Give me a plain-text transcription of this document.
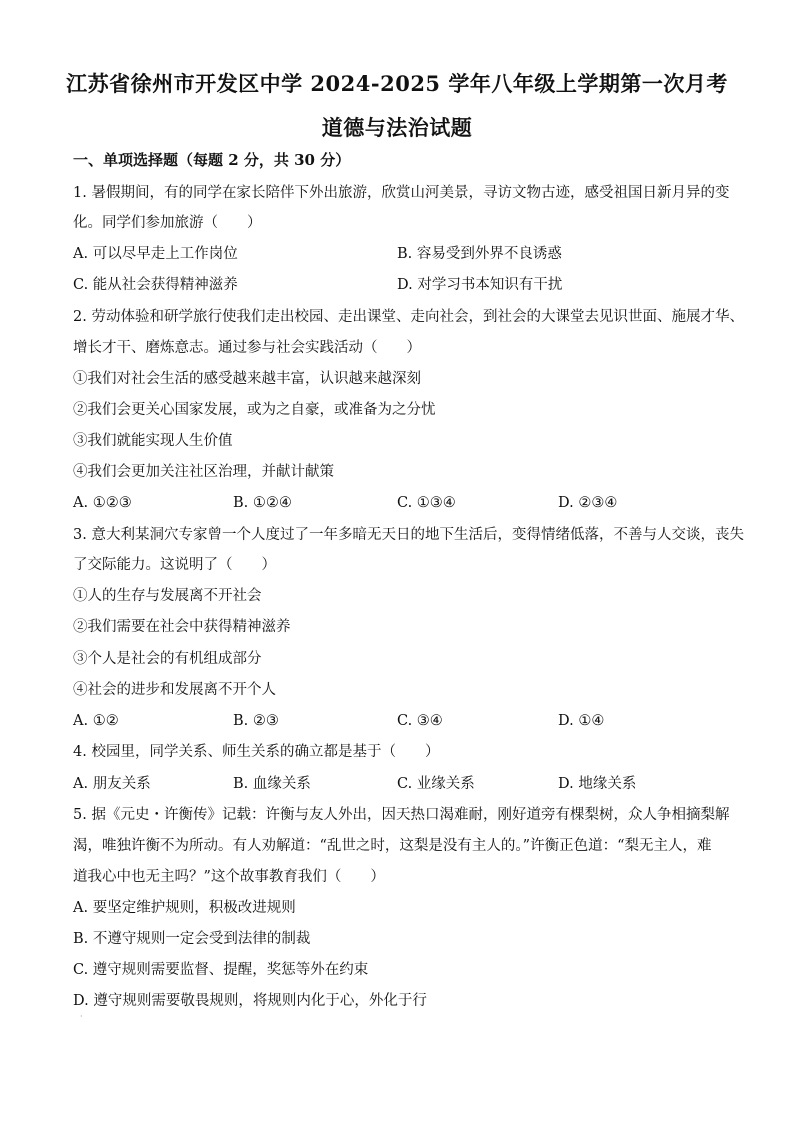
江苏省徐州市开发区中学 2024-2025 学年八年级上学期第一次月考
道德与法治试题
一、单项选择题（每题 2 分，共 30 分）
1. 暑假期间，有的同学在家长陪伴下外出旅游，欣赏山河美景，寻访文物古迹，感受祖国日新月异的变
化。同学们参加旅游（　　）
A. 可以尽早走上工作岗位	B. 容易受到外界不良诱惑
C. 能从社会获得精神滋养	D. 对学习书本知识有干扰
2. 劳动体验和研学旅行使我们走出校园、走出课堂、走向社会，到社会的大课堂去见识世面、施展才华、
增长才干、磨炼意志。通过参与社会实践活动（　　）
①我们对社会生活的感受越来越丰富，认识越来越深刻
②我们会更关心国家发展，或为之自豪，或准备为之分忧
③我们就能实现人生价值
④我们会更加关注社区治理，并献计献策
A. ①②③	B. ①②④	C. ①③④	D. ②③④
3. 意大利某洞穴专家曾一个人度过了一年多暗无天日的地下生活后，变得情绪低落，不善与人交谈，丧失
了交际能力。这说明了（　　）
①人的生存与发展离不开社会
②我们需要在社会中获得精神滋养
③个人是社会的有机组成部分
④社会的进步和发展离不开个人
A. ①②	B. ②③	C. ③④	D. ①④
4. 校园里，同学关系、师生关系的确立都是基于（　　）
A. 朋友关系	B. 血缘关系	C. 业缘关系	D. 地缘关系
5. 据《元史・许衡传》记载：许衡与友人外出，因天热口渴难耐，刚好道旁有棵梨树，众人争相摘梨解
渴，唯独许衡不为所动。有人劝解道：“乱世之时，这梨是没有主人的。”许衡正色道：“梨无主人，难
道我心中也无主吗？”这个故事教育我们（　　）
A. 要坚定维护规则，积极改进规则
B. 不遵守规则一定会受到法律的制裁
C. 遵守规则需要监督、提醒，奖惩等外在约束
D. 遵守规则需要敬畏规则，将规则内化于心，外化于行
·
